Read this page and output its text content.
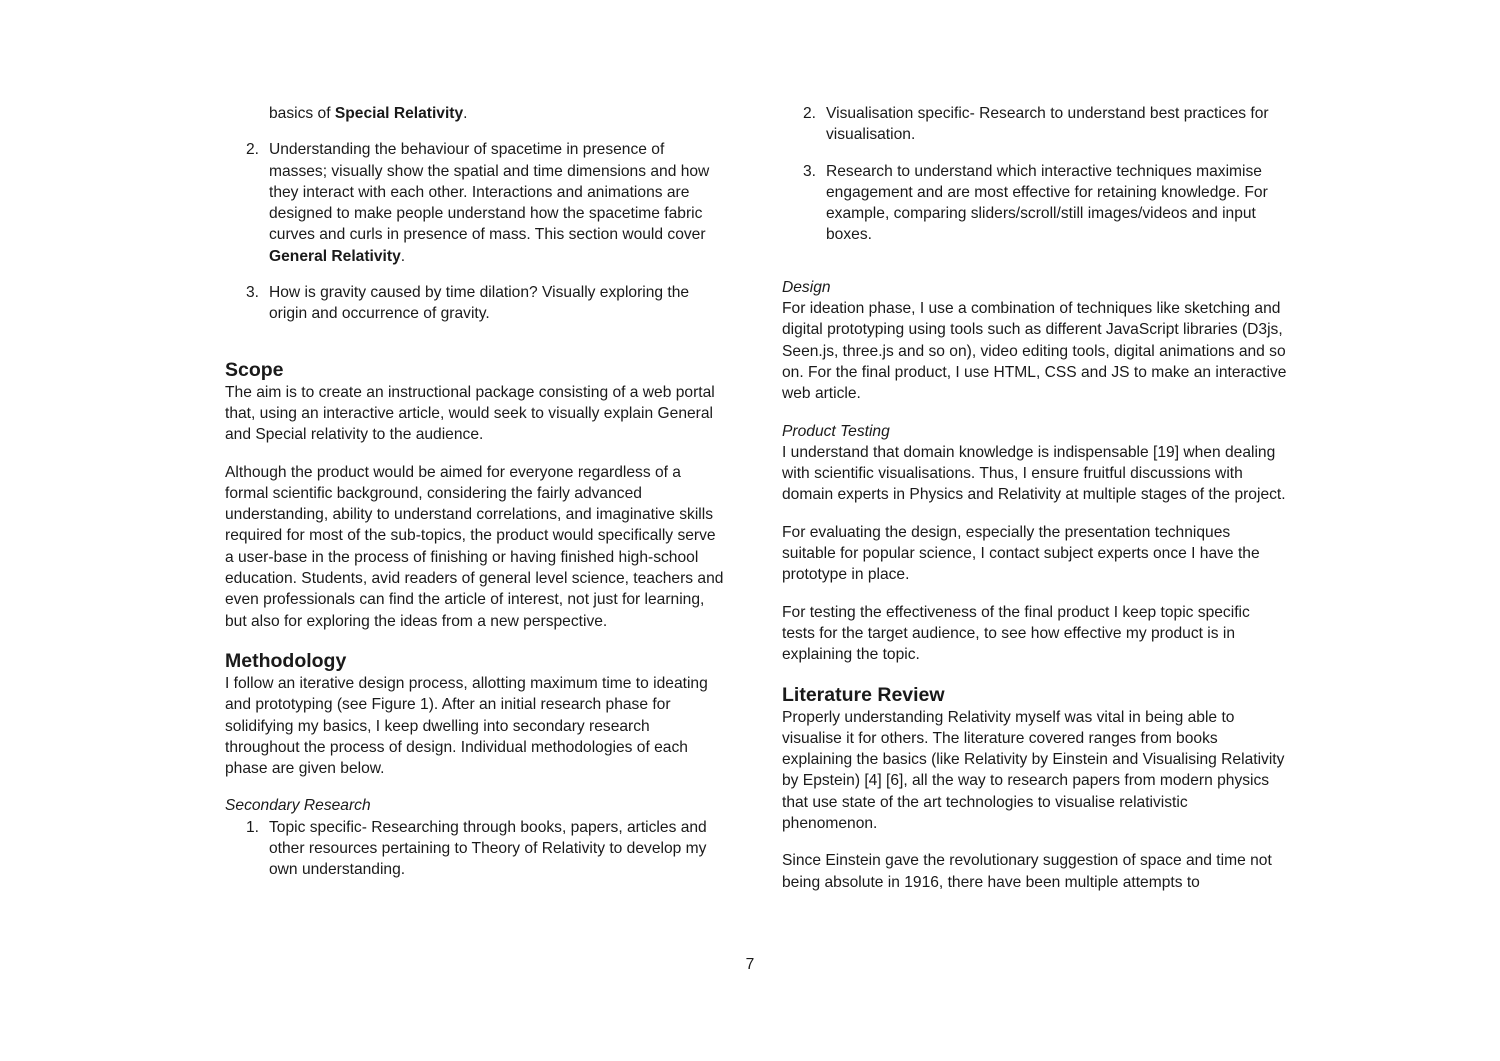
basics of Special Relativity.

2. Understanding the behaviour of spacetime in presence of masses; visually show the spatial and time dimensions and how they interact with each other. Interactions and animations are designed to make people understand how the spacetime fabric curves and curls in presence of mass. This section would cover General Relativity.
3. How is gravity caused by time dilation? Visually exploring the origin and occurrence of gravity.
Scope

The aim is to create an instructional package consisting of a web portal that, using an interactive article, would seek to visually explain General and Special relativity to the audience.

Although the product would be aimed for everyone regardless of a formal scientific background, considering the fairly advanced understanding, ability to understand correlations, and imaginative skills required for most of the sub-topics, the product would specifically serve a user-base in the process of finishing or having finished high-school education. Students, avid readers of general level science, teachers and even professionals can find the article of interest, not just for learning, but also for exploring the ideas from a new perspective.

Methodology

I follow an iterative design process, allotting maximum time to ideating and prototyping (see Figure 1). After an initial research phase for solidifying my basics, I keep dwelling into secondary research throughout the process of design. Individual methodologies of each phase are given below.

Secondary Research

1. Topic specific- Researching through books, papers, articles and other resources pertaining to Theory of Relativity to develop my own understanding.
2. Visualisation specific- Research to understand best practices for visualisation.
3. Research to understand which interactive techniques maximise engagement and are most effective for retaining knowledge. For example, comparing sliders/scroll/still images/videos and input boxes.

Design

For ideation phase, I use a combination of techniques like sketching and digital prototyping using tools such as different JavaScript libraries (D3js, Seen.js, three.js and so on), video editing tools, digital animations and so on. For the final product, I use HTML, CSS and JS to make an interactive web article.

Product Testing

I understand that domain knowledge is indispensable [19] when dealing with scientific visualisations. Thus, I ensure fruitful discussions with domain experts in Physics and Relativity at multiple stages of the project.

For evaluating the design, especially the presentation techniques suitable for popular science, I contact subject experts once I have the prototype in place.

For testing the effectiveness of the final product I keep topic specific tests for the target audience, to see how effective my product is in explaining the topic.

Literature Review

Properly understanding Relativity myself was vital in being able to visualise it for others. The literature covered ranges from books explaining the basics (like Relativity by Einstein and Visualising Relativity by Epstein) [4] [6], all the way to research papers from modern physics that use state of the art technologies to visualise relativistic phenomenon.

Since Einstein gave the revolutionary suggestion of space and time not being absolute in 1916, there have been multiple attempts to

7
